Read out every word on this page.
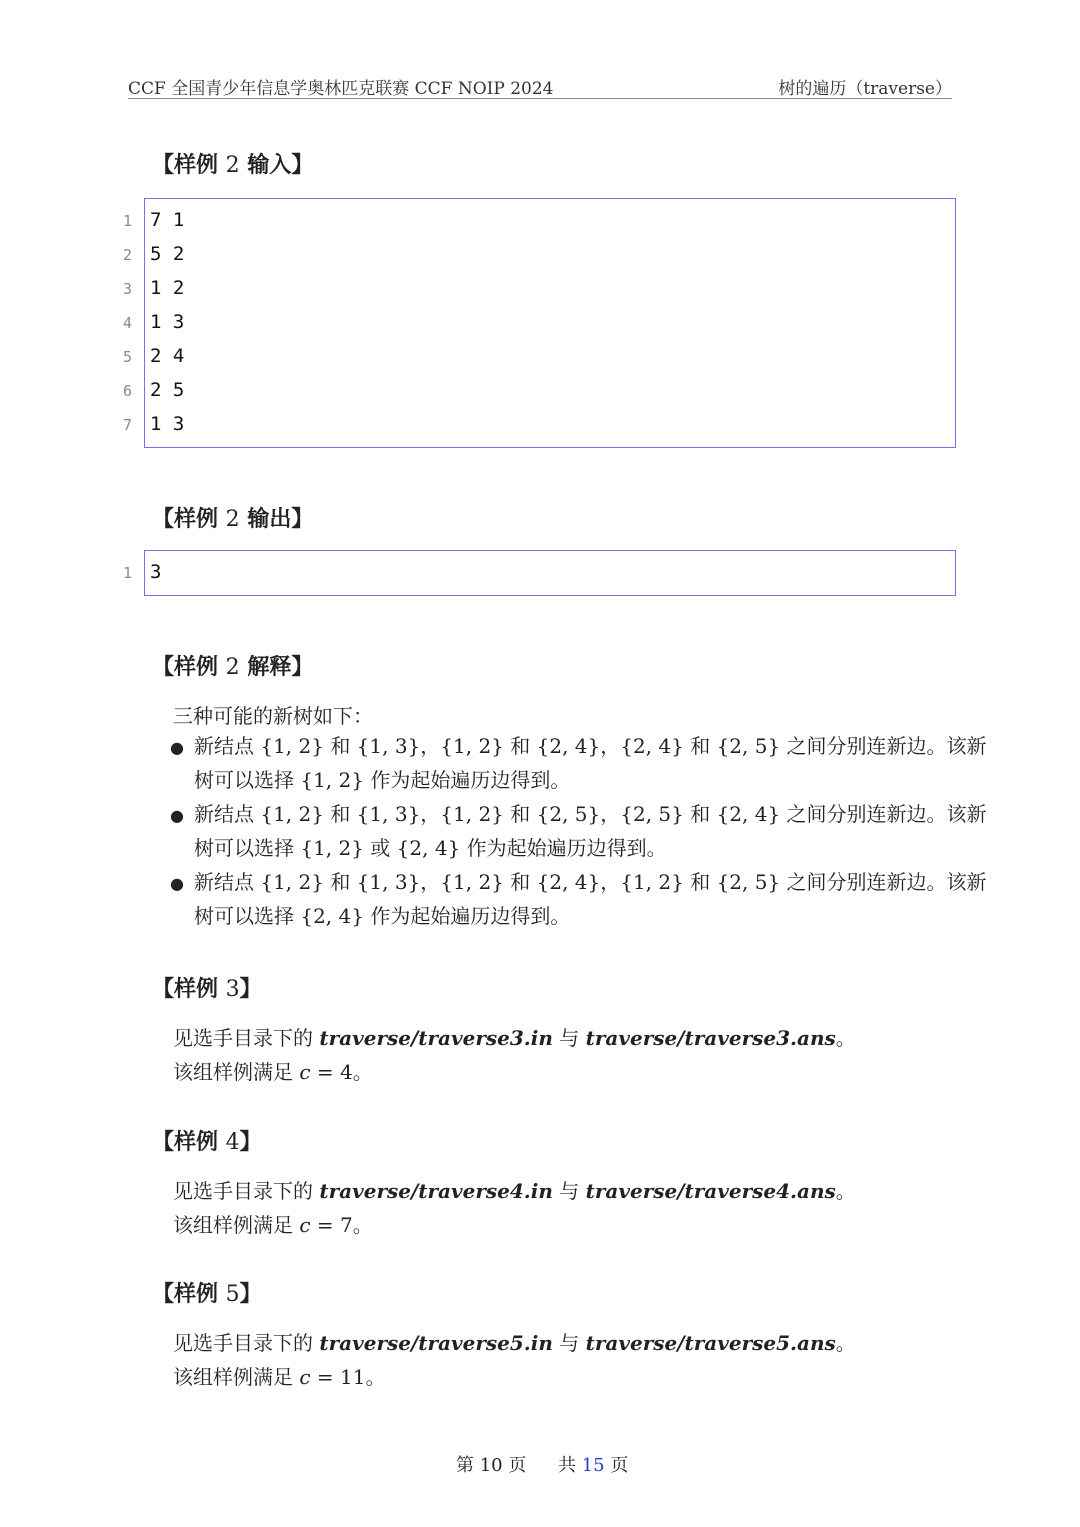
CCF 全国青少年信息学奥林匹克联赛 CCF NOIP 2024	树的遍历（traverse）
【样例 2 输入】
1 7 1
2 5 2
3 1 2
4 1 3
5 2 4
6 2 5
7 1 3
【样例 2 输出】
1 3
【样例 2 解释】
三种可能的新树如下：
● 新结点 {1, 2} 和 {1, 3}，{1, 2} 和 {2, 4}，{2, 4} 和 {2, 5} 之间分别连新边。该新
树可以选择 {1, 2} 作为起始遍历边得到。
● 新结点 {1, 2} 和 {1, 3}，{1, 2} 和 {2, 5}，{2, 5} 和 {2, 4} 之间分别连新边。该新
树可以选择 {1, 2} 或 {2, 4} 作为起始遍历边得到。
● 新结点 {1, 2} 和 {1, 3}，{1, 2} 和 {2, 4}，{1, 2} 和 {2, 5} 之间分别连新边。该新
树可以选择 {2, 4} 作为起始遍历边得到。
【样例 3】
见选手目录下的 traverse/traverse3.in 与 traverse/traverse3.ans。
该组样例满足 c = 4。
【样例 4】
见选手目录下的 traverse/traverse4.in 与 traverse/traverse4.ans。
该组样例满足 c = 7。
【样例 5】
见选手目录下的 traverse/traverse5.in 与 traverse/traverse5.ans。
该组样例满足 c = 11。
第 10 页 共 15 页
